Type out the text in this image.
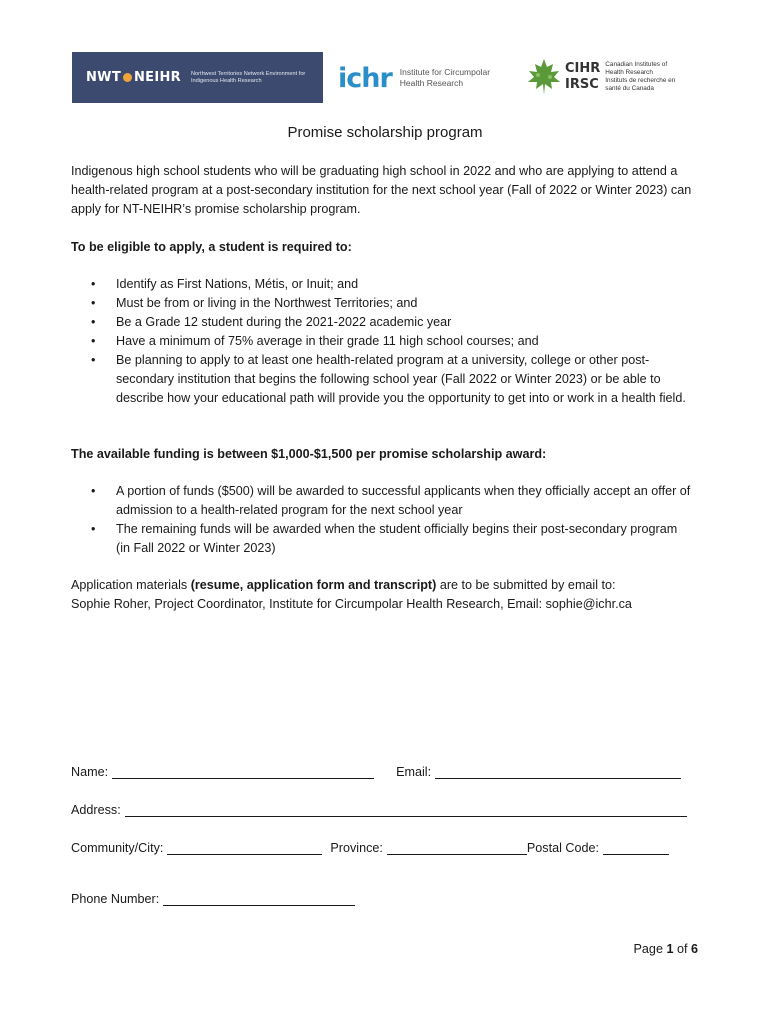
NWT NEIHR Northwest Territories Network Environment for Indigenous Health Research	ichr Institute for Circumpolar Health Research
CIHR
IRSC
Canadian Institutes of Health Research
Instituts de recherche en santé du Canada
Promise scholarship program

Indigenous high school students who will be graduating high school in 2022 and who are applying to attend a health-related program at a post-secondary institution for the next school year (Fall of 2022 or Winter 2023) can apply for NT-NEIHR’s promise scholarship program.

To be eligible to apply, a student is required to:

• Identify as First Nations, Métis, or Inuit; and
• Must be from or living in the Northwest Territories; and
• Be a Grade 12 student during the 2021-2022 academic year
• Have a minimum of 75% average in their grade 11 high school courses; and
• Be planning to apply to at least one health-related program at a university, college or other post-secondary institution that begins the following school year (Fall 2022 or Winter 2023) or be able to describe how your educational path will provide you the opportunity to get into or work in a health field.

The available funding is between $1,000-$1,500 per promise scholarship award:

• A portion of funds ($500) will be awarded to successful applicants when they officially accept an offer of admission to a health-related program for the next school year
• The remaining funds will be awarded when the student officially begins their post-secondary program (in Fall 2022 or Winter 2023)

Application materials (resume, application form and transcript) are to be submitted by email to:
Sophie Roher, Project Coordinator, Institute for Circumpolar Health Research, Email: sophie@ichr.ca

Name:	Email:
Address:
Community/City:	Province:	Postal Code:
Phone Number:
Page 1 of 6
